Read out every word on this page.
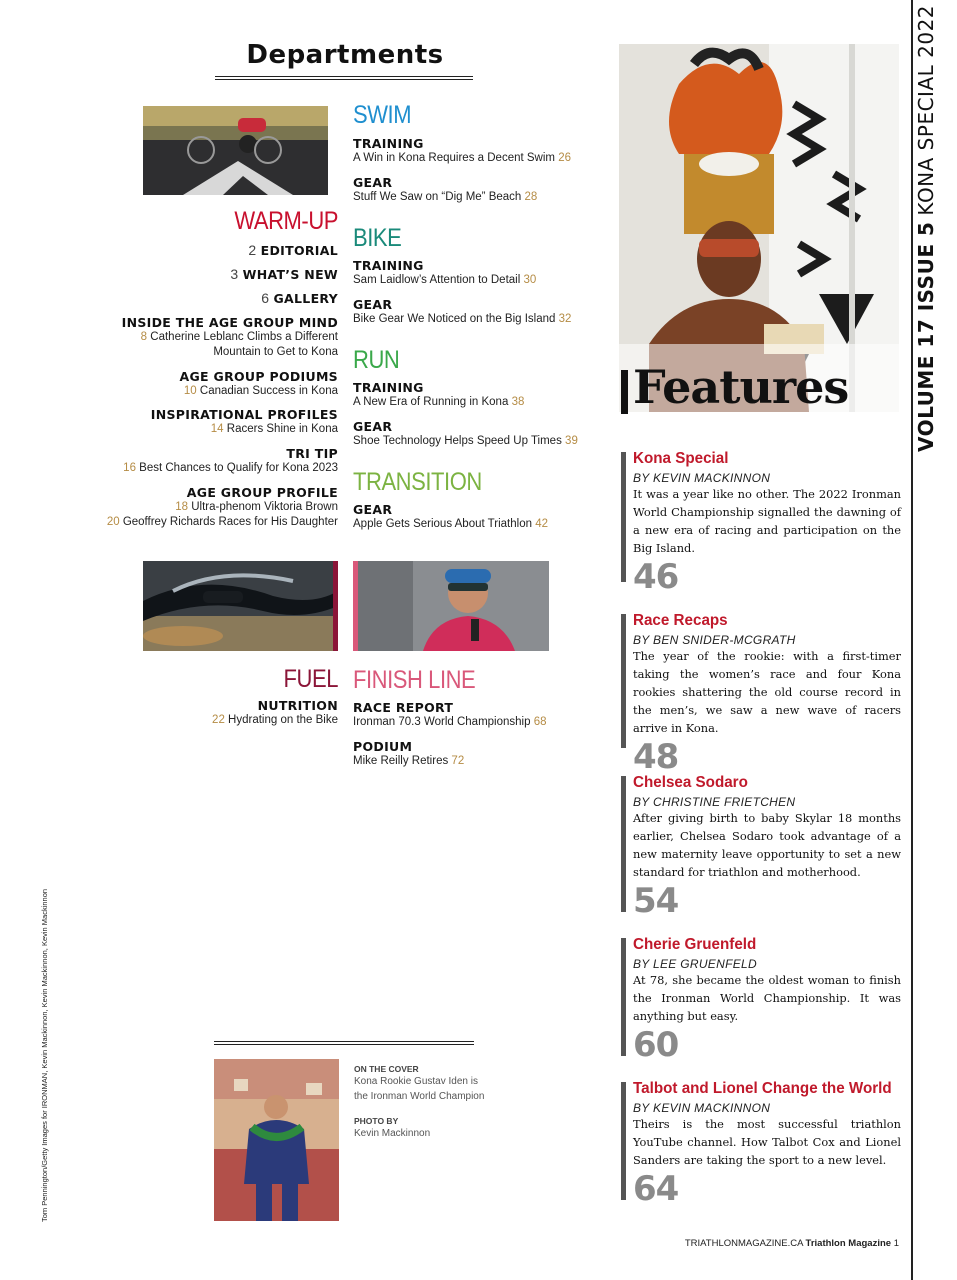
Departments
WARM-UP
2 EDITORIAL
3 WHAT’S NEW
6 GALLERY
INSIDE THE AGE GROUP MIND
8 Catherine Leblanc Climbs a Different
Mountain to Get to Kona
AGE GROUP PODIUMS
10 Canadian Success in Kona
INSPIRATIONAL PROFILES
14 Racers Shine in Kona
TRI TIP
16 Best Chances to Qualify for Kona 2023
AGE GROUP PROFILE
18 Ultra-phenom Viktoria Brown
20 Geoffrey Richards Races for His Daughter
SWIM
TRAINING
A Win in Kona Requires a Decent Swim 26
GEAR
Stuff We Saw on “Dig Me” Beach 28
BIKE
TRAINING
Sam Laidlow’s Attention to Detail 30
GEAR
Bike Gear We Noticed on the Big Island 32
RUN
TRAINING
A New Era of Running in Kona 38
GEAR
Shoe Technology Helps Speed Up Times 39
TRANSITION
GEAR
Apple Gets Serious About Triathlon 42
FUEL
NUTRITION
22 Hydrating on the Bike
FINISH LINE
RACE REPORT
Ironman 70.3 World Championship 68
PODIUM
Mike Reilly Retires 72
ON THE COVER
Kona Rookie Gustav Iden is
the Ironman World Champion
PHOTO BY
Kevin Mackinnon
Tom Pennington/Getty Images for IRONMAN, Kevin Mackinnon, Kevin Mackinnon, Kevin Mackinnon
Features
Kona Special
BY KEVIN MACKINNON
It was a year like no other. The 2022 Ironman World Championship signalled the dawning of a new era of racing and participation on the Big Island.
46
Race Recaps
BY BEN SNIDER-MCGRATH
The year of the rookie: with a first-timer taking the women’s race and four Kona rookies shattering the old course record in the men’s, we saw a new wave of racers arrive in Kona.
48
Chelsea Sodaro
BY CHRISTINE FRIETCHEN
After giving birth to baby Skylar 18 months earlier, Chelsea Sodaro took advantage of a new maternity leave opportunity to set a new standard for triathlon and motherhood.
54
Cherie Gruenfeld
BY LEE GRUENFELD
At 78, she became the oldest woman to finish the Ironman World Championship. It was anything but easy.
60
Talbot and Lionel Change the World
BY KEVIN MACKINNON
Theirs is the most successful triathlon YouTube channel. How Talbot Cox and Lionel Sanders are taking the sport to a new level.
64
VOLUME 17 ISSUE 5 KONA SPECIAL 2022
TRIATHLONMAGAZINE.CA Triathlon Magazine 1
